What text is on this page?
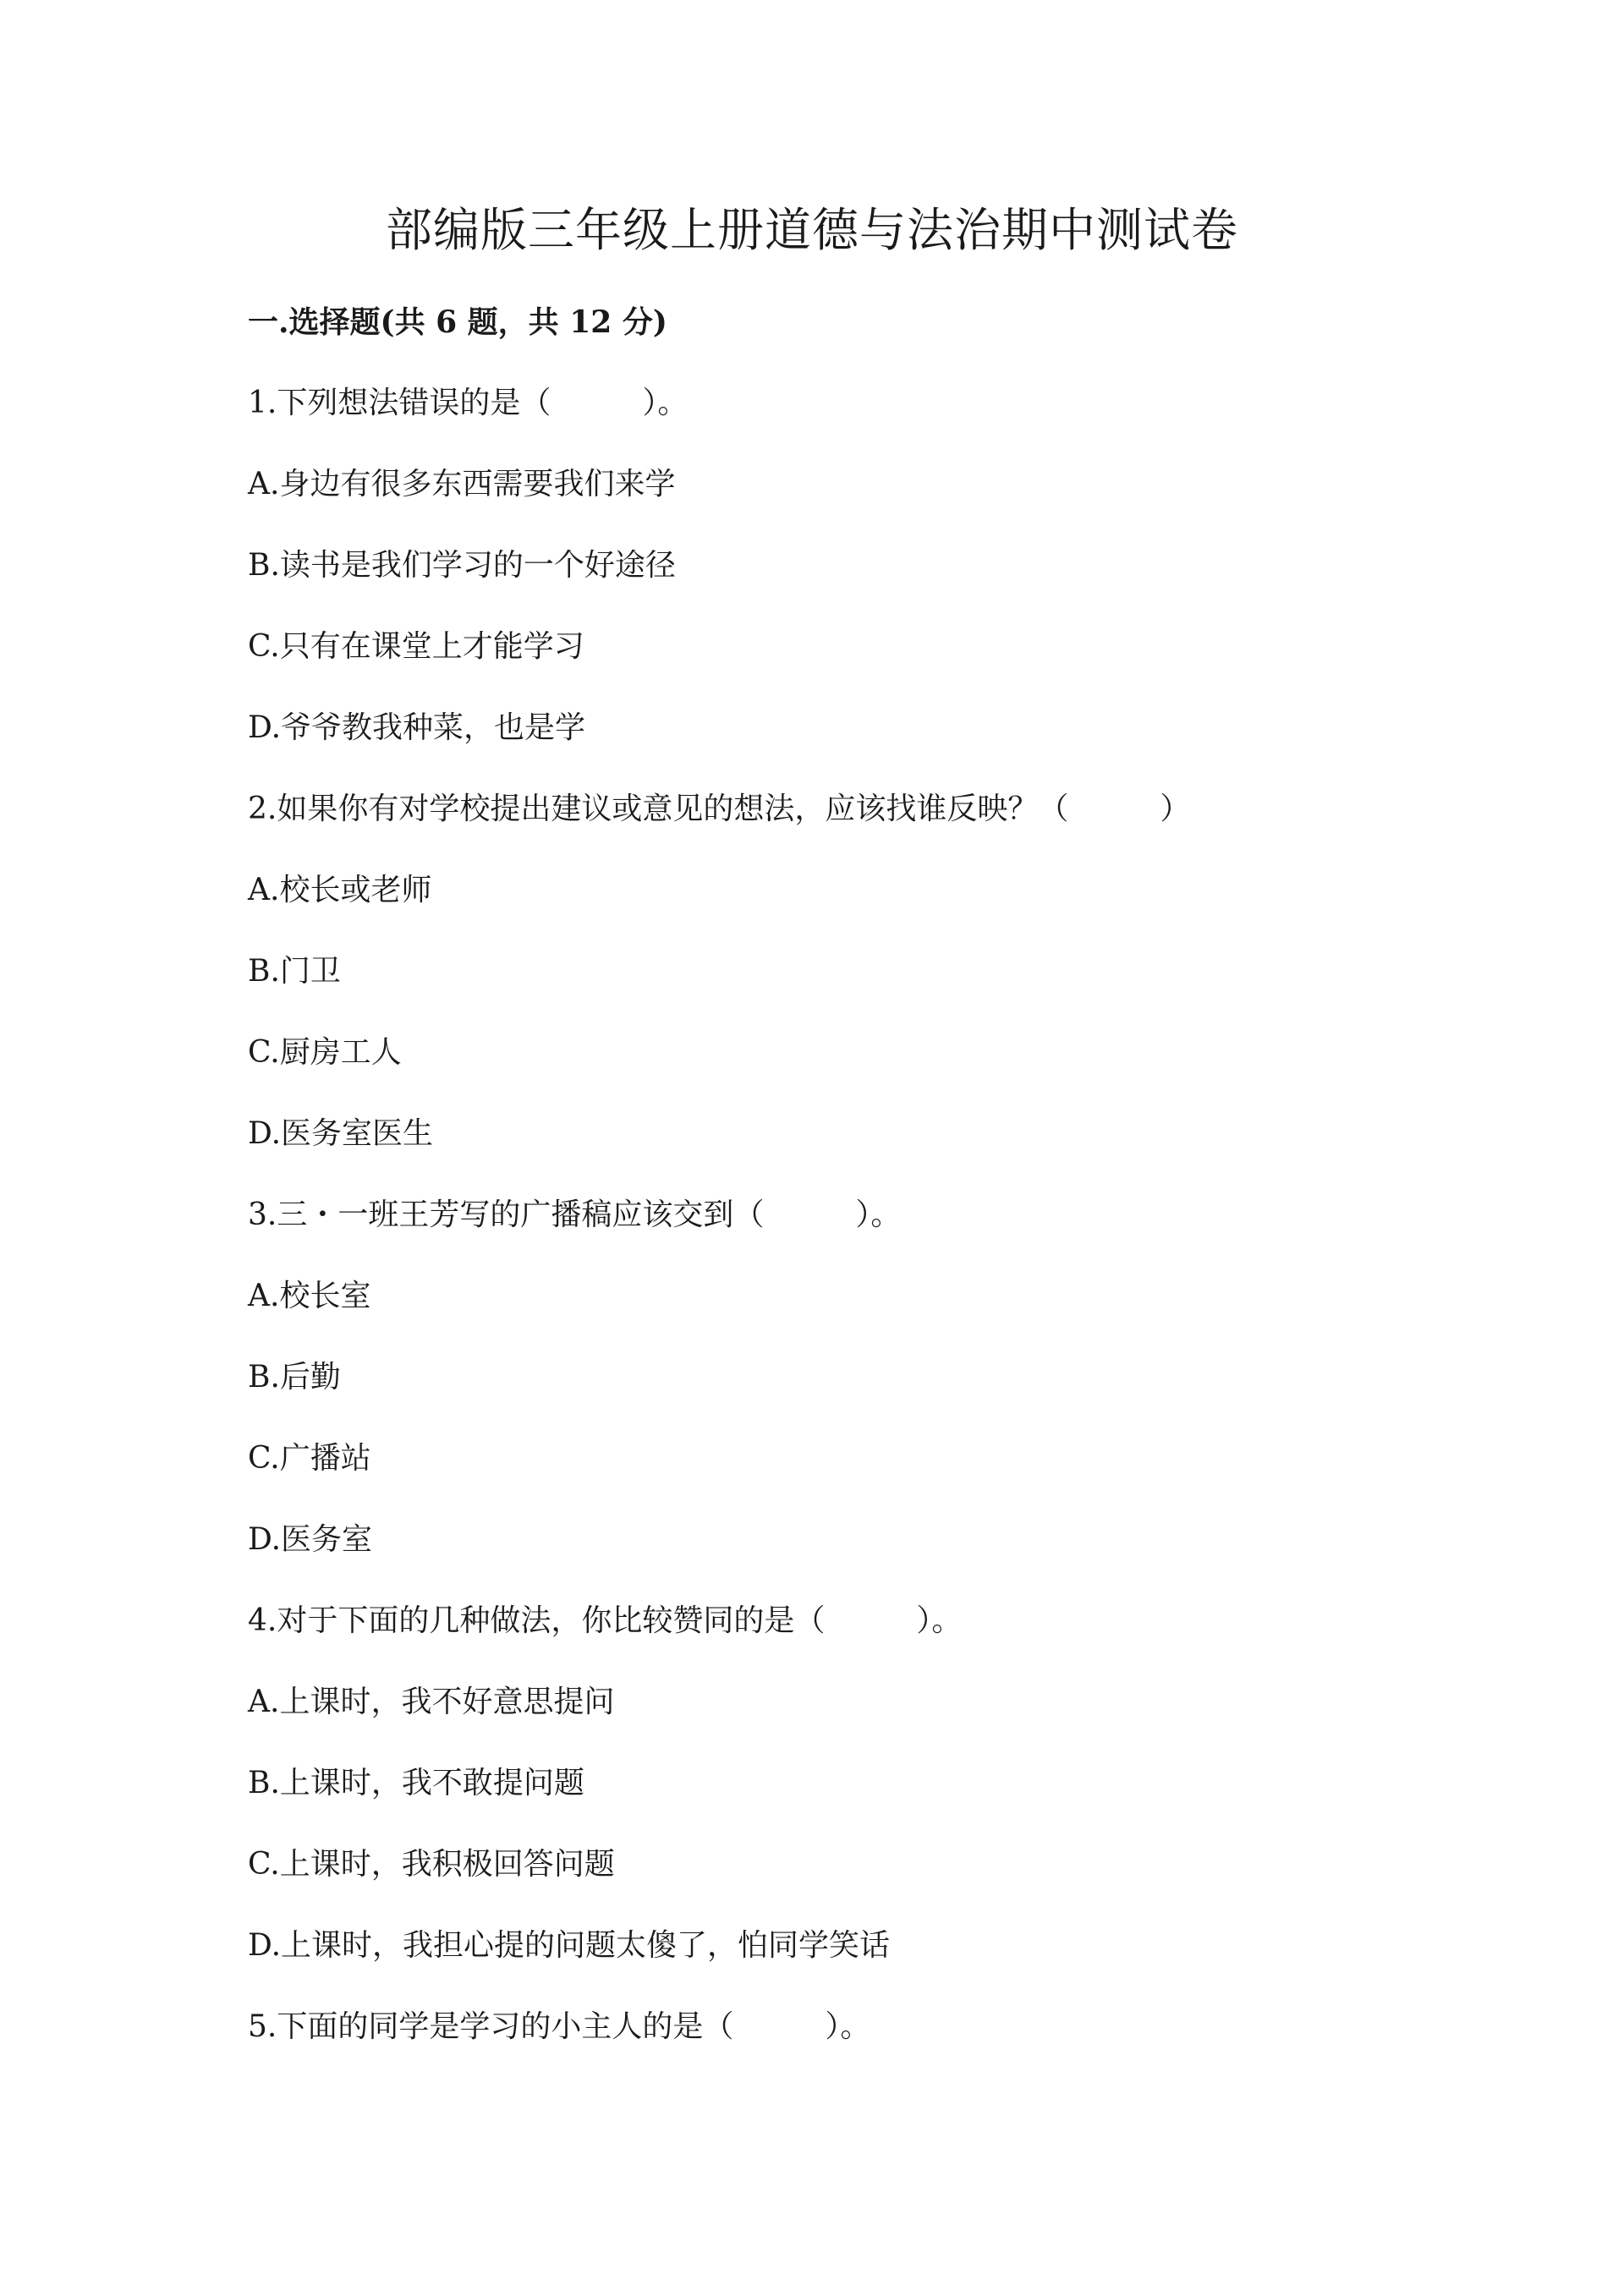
部编版三年级上册道德与法治期中测试卷
一.选择题(共 6 题，共 12 分)
1.下列想法错误的是（　　　）。
A.身边有很多东西需要我们来学
B.读书是我们学习的一个好途径
C.只有在课堂上才能学习
D.爷爷教我种菜，也是学
2.如果你有对学校提出建议或意见的想法，应该找谁反映？（　　　）
A.校长或老师
B.门卫
C.厨房工人
D.医务室医生
3.三・一班王芳写的广播稿应该交到（　　　）。
A.校长室
B.后勤
C.广播站
D.医务室
4.对于下面的几种做法，你比较赞同的是（　　　）。
A.上课时，我不好意思提问
B.上课时，我不敢提问题
C.上课时，我积极回答问题
D.上课时，我担心提的问题太傻了，怕同学笑话
5.下面的同学是学习的小主人的是（　　　）。
